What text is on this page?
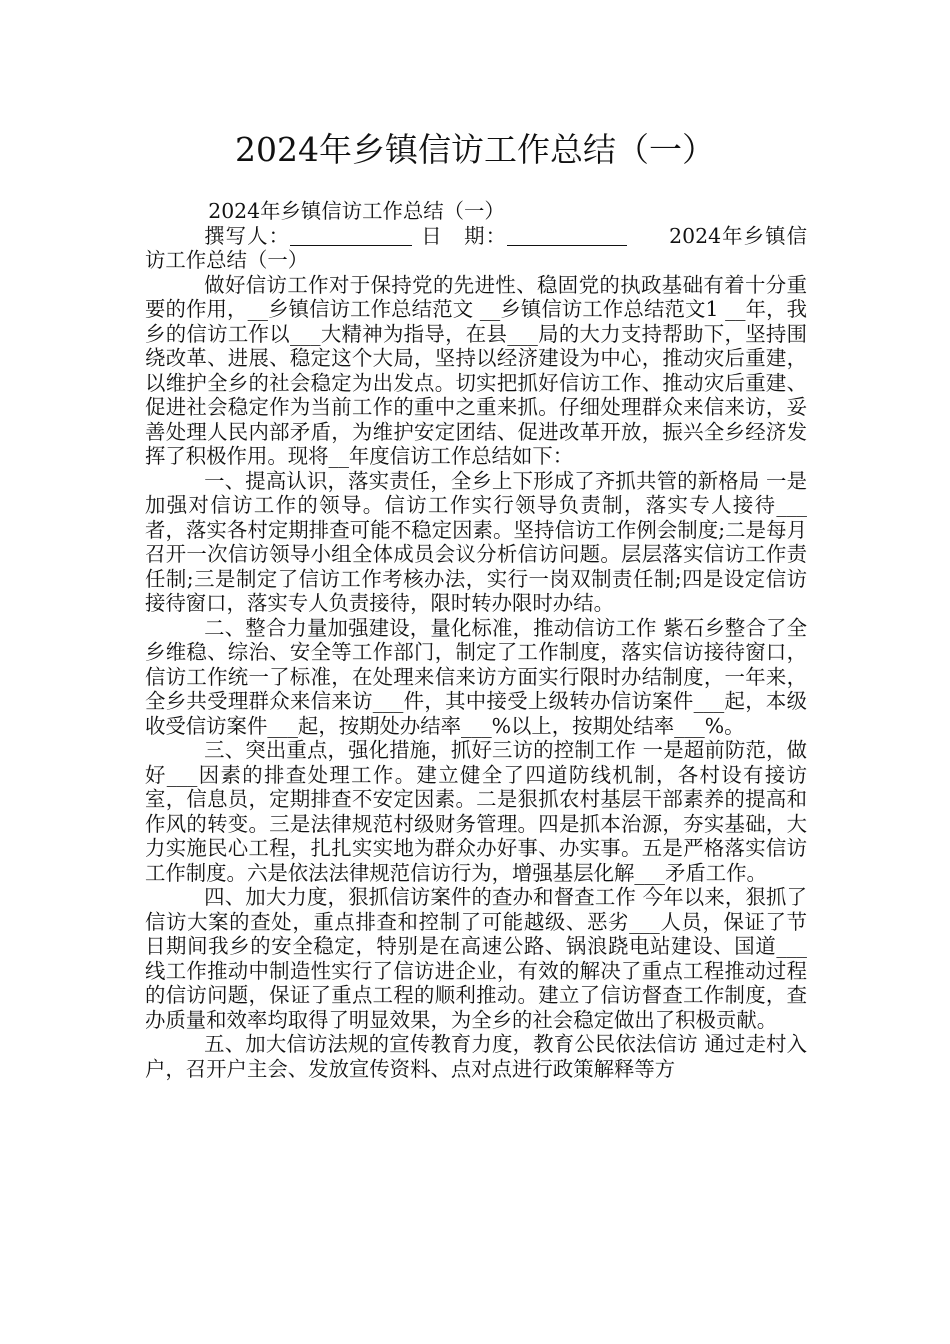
2024年乡镇信访工作总结（一）

2024年乡镇信访工作总结（一）

撰写人：	日　期：	2024年乡镇信访工作总结（一）

做好信访工作对于保持党的先进性、稳固党的执政基础有着十分重要的作用，__乡镇信访工作总结范文 __乡镇信访工作总结范文1 __年，我乡的信访工作以___大精神为指导，在县___局的大力支持帮助下，坚持围绕改革、进展、稳定这个大局，坚持以经济建设为中心，推动灾后重建，以维护全乡的社会稳定为出发点。切实把抓好信访工作、推动灾后重建、促进社会稳定作为当前工作的重中之重来抓。仔细处理群众来信来访，妥善处理人民内部矛盾，为维护安定团结、促进改革开放，振兴全乡经济发挥了积极作用。现将__年度信访工作总结如下：

一、提高认识，落实责任，全乡上下形成了齐抓共管的新格局 一是加强对信访工作的领导。信访工作实行领导负责制，落实专人接待___者，落实各村定期排查可能不稳定因素。坚持信访工作例会制度;二是每月召开一次信访领导小组全体成员会议分析信访问题。层层落实信访工作责任制;三是制定了信访工作考核办法，实行一岗双制责任制;四是设定信访接待窗口，落实专人负责接待，限时转办限时办结。

二、整合力量加强建设，量化标准，推动信访工作 紫石乡整合了全乡维稳、综治、安全等工作部门，制定了工作制度，落实信访接待窗口，信访工作统一了标准，在处理来信来访方面实行限时办结制度，一年来，全乡共受理群众来信来访___件，其中接受上级转办信访案件___起，本级收受信访案件___起，按期处办结率___%以上，按期处结率___%。

三、突出重点，强化措施，抓好三访的控制工作 一是超前防范，做好___因素的排查处理工作。建立健全了四道防线机制，各村设有接访室，信息员，定期排查不安定因素。二是狠抓农村基层干部素养的提高和作风的转变。三是法律规范村级财务管理。四是抓本治源，夯实基础，大力实施民心工程，扎扎实实地为群众办好事、办实事。五是严格落实信访工作制度。六是依法法律规范信访行为，增强基层化解___矛盾工作。

四、加大力度，狠抓信访案件的查办和督查工作 今年以来，狠抓了信访大案的查处，重点排查和控制了可能越级、恶劣___人员，保证了节日期间我乡的安全稳定，特别是在高速公路、锅浪跷电站建设、国道___线工作推动中制造性实行了信访进企业，有效的解决了重点工程推动过程的信访问题，保证了重点工程的顺利推动。建立了信访督查工作制度，查办质量和效率均取得了明显效果，为全乡的社会稳定做出了积极贡献。

五、加大信访法规的宣传教育力度，教育公民依法信访 通过走村入户，召开户主会、发放宣传资料、点对点进行政策解释等方
